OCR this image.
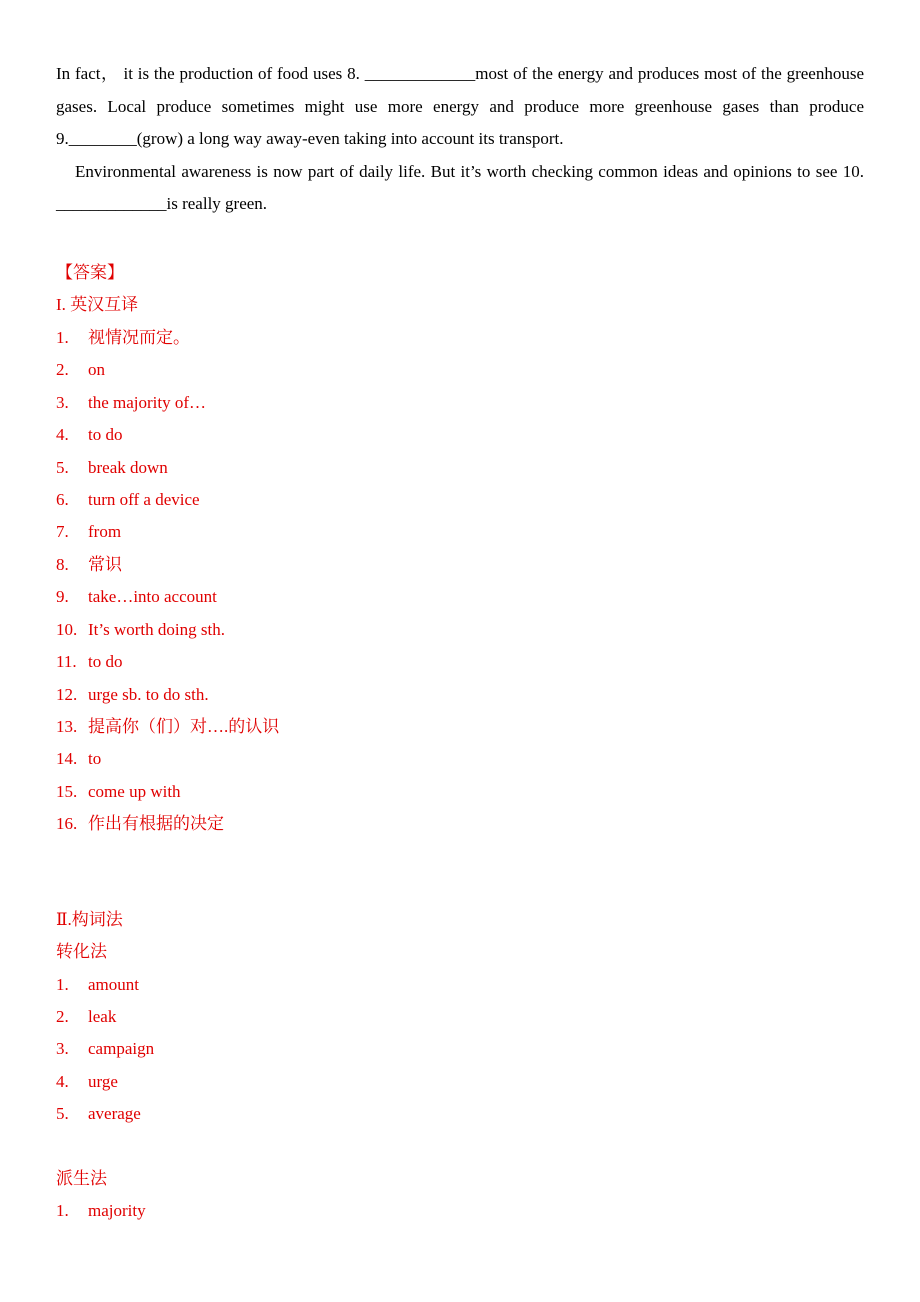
In fact， it is the production of food uses 8. _____________most of the energy and produces most of the greenhouse gases. Local produce sometimes might use more energy and produce more greenhouse gases than produce 9.________(grow) a long way away-even taking into account its transport.

Environmental awareness is now part of daily life. But it’s worth checking common ideas and opinions to see 10. _____________is really green.

【答案】

I. 英汉互译

1. 视情况而定。
2. on
3. the majority of…
4. to do
5. break down
6. turn off a device
7. from
8. 常识
9. take…into account
10. It’s worth doing sth.
11. to do
12. urge sb. to do sth.
13. 提高你（们）对….的认识
14. to
15. come up with
16. 作出有根据的决定

Ⅱ.构词法

转化法

1. amount
2. leak
3. campaign
4. urge
5. average

派生法

1. majority
